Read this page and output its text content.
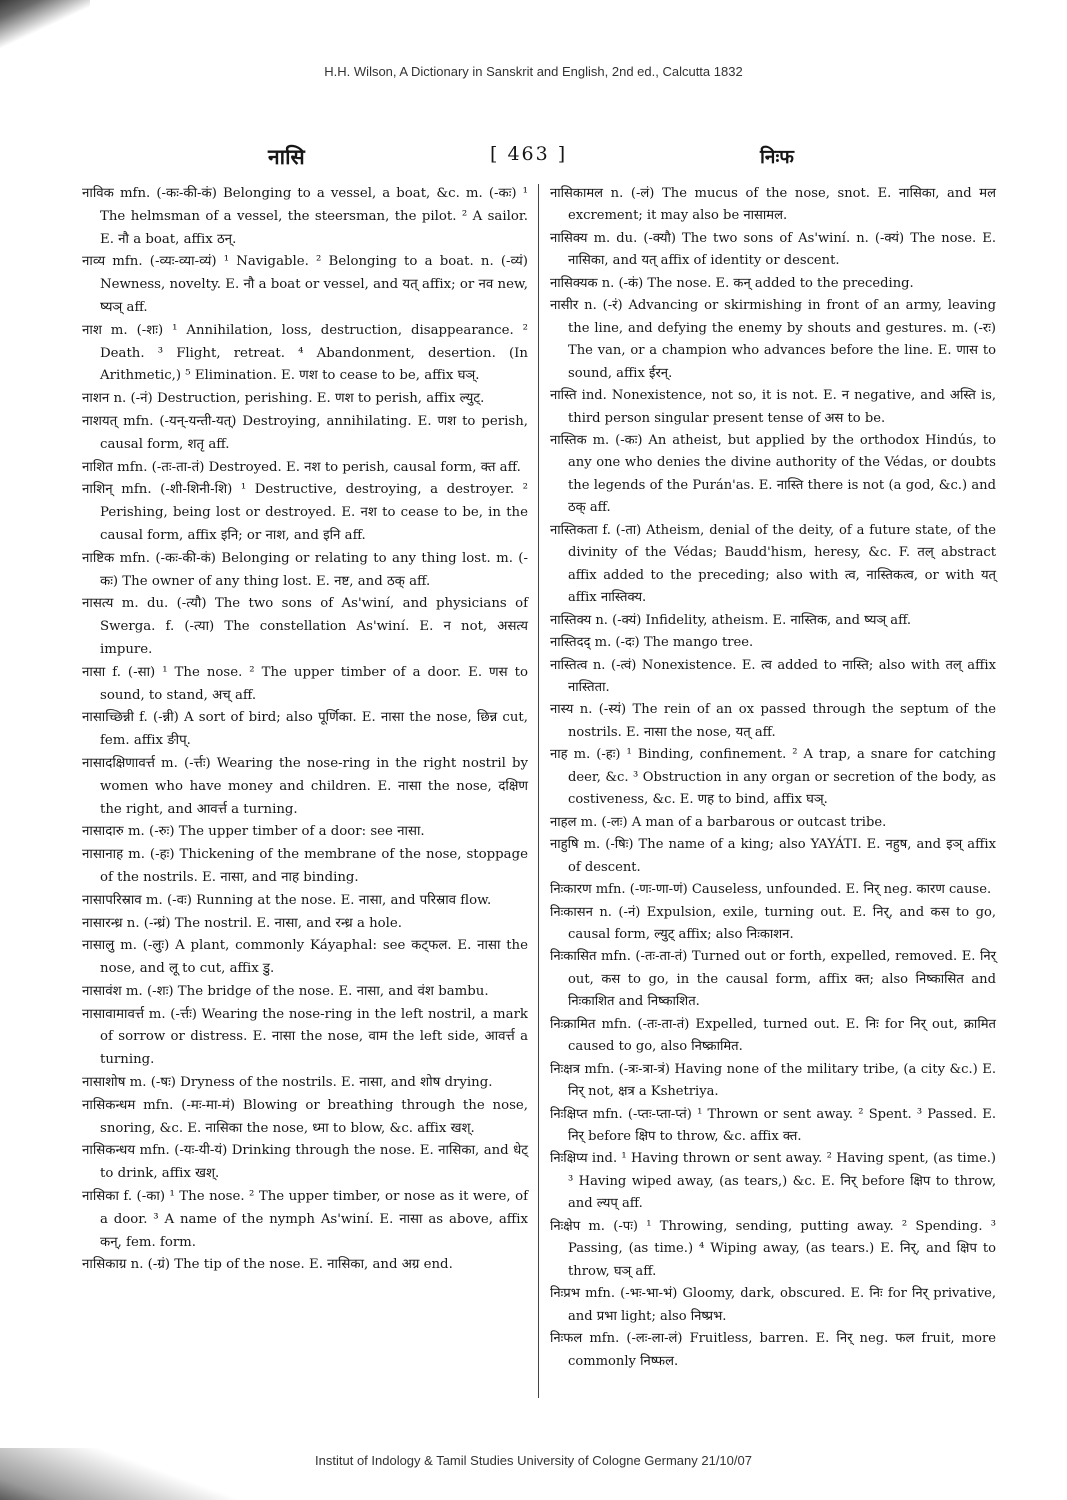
H.H. Wilson, A Dictionary in Sanskrit and English, 2nd ed., Calcutta 1832
नासि	[ 463 ]	निःफ

नाविक mfn. (-कः-की-कं) Belonging to a vessel, a boat, &c. m. (-कः) ¹ The helmsman of a vessel, the steersman, the pilot. ² A sailor. E. नौ a boat, affix ठन्.

नाव्य mfn. (-व्यः-व्या-व्यं) ¹ Navigable. ² Belonging to a boat. n. (-व्यं) Newness, novelty. E. नौ a boat or vessel, and यत् affix; or नव new, ष्यञ् aff.

नाश m. (-शः) ¹ Annihilation, loss, destruction, disappearance. ² Death. ³ Flight, retreat. ⁴ Abandonment, desertion. (In Arithmetic,) ⁵ Elimination. E. णश to cease to be, affix घञ्.

नाशन n. (-नं) Destruction, perishing. E. णश to perish, affix ल्युट्.

नाशयत् mfn. (-यन्-यन्ती-यत्) Destroying, annihilating. E. णश to perish, causal form, शतृ aff.

नाशित mfn. (-तः-ता-तं) Destroyed. E. नश to perish, causal form, क्त aff.

नाशिन् mfn. (-शी-शिनी-शि) ¹ Destructive, destroying, a destroyer. ² Perishing, being lost or destroyed. E. नश to cease to be, in the causal form, affix इनि; or नाश, and इनि aff.

नाष्टिक mfn. (-कः-की-कं) Belonging or relating to any thing lost. m. (-कः) The owner of any thing lost. E. नष्ट, and ठक् aff.

नासत्य m. du. (-त्यौ) The two sons of As'winí, and physicians of Swerga. f. (-त्या) The constellation As'winí. E. न not, असत्य impure.

नासा f. (-सा) ¹ The nose. ² The upper timber of a door. E. णस to sound, to stand, अच् aff.

नासाच्छिन्नी f. (-न्नी) A sort of bird; also पूर्णिका. E. नासा the nose, छिन्न cut, fem. affix ङीप्.

नासादक्षिणावर्त्त m. (-र्त्तः) Wearing the nose-ring in the right nostril by women who have money and children. E. नासा the nose, दक्षिण the right, and आवर्त्त a turning.

नासादारु m. (-रुः) The upper timber of a door: see नासा.

नासानाह m. (-हः) Thickening of the membrane of the nose, stoppage of the nostrils. E. नासा, and नाह binding.

नासापरिस्राव m. (-वः) Running at the nose. E. नासा, and परिस्राव flow.

नासारन्ध्र n. (-न्ध्रं) The nostril. E. नासा, and रन्ध्र a hole.

नासालु m. (-लुः) A plant, commonly Káyaphal: see कट्फल. E. नासा the nose, and लू to cut, affix डु.

नासावंश m. (-शः) The bridge of the nose. E. नासा, and वंश bambu.

नासावामावर्त्त m. (-र्त्तः) Wearing the nose-ring in the left nostril, a mark of sorrow or distress. E. नासा the nose, वाम the left side, आवर्त्त a turning.

नासाशोष m. (-षः) Dryness of the nostrils. E. नासा, and शोष drying.

नासिकन्धम mfn. (-मः-मा-मं) Blowing or breathing through the nose, snoring, &c. E. नासिका the nose, ध्मा to blow, &c. affix खश्.

नासिकन्धय mfn. (-यः-यी-यं) Drinking through the nose. E. नासिका, and धेट् to drink, affix खश्.

नासिका f. (-का) ¹ The nose. ² The upper timber, or nose as it were, of a door. ³ A name of the nymph As'winí. E. नासा as above, affix कन्, fem. form.

नासिकाग्र n. (-ग्रं) The tip of the nose. E. नासिका, and अग्र end.

नासिकामल n. (-लं) The mucus of the nose, snot. E. नासिका, and मल excrement; it may also be नासामल.

नासिक्य m. du. (-क्यौ) The two sons of As'winí. n. (-क्यं) The nose. E. नासिका, and यत् affix of identity or descent.

नासिक्यक n. (-कं) The nose. E. कन् added to the preceding.

नासीर n. (-रं) Advancing or skirmishing in front of an army, leaving the line, and defying the enemy by shouts and gestures. m. (-रः) The van, or a champion who advances before the line. E. णास to sound, affix ईरन्.

नास्ति ind. Nonexistence, not so, it is not. E. न negative, and अस्ति is, third person singular present tense of अस to be.

नास्तिक m. (-कः) An atheist, but applied by the orthodox Hindús, to any one who denies the divine authority of the Védas, or doubts the legends of the Purán'as. E. नास्ति there is not (a god, &c.) and ठक् aff.

नास्तिकता f. (-ता) Atheism, denial of the deity, of a future state, of the divinity of the Védas; Baudd'hism, heresy, &c. F. तल् abstract affix added to the preceding; also with त्व, नास्तिकत्व, or with यत् affix नास्तिक्य.

नास्तिक्य n. (-क्यं) Infidelity, atheism. E. नास्तिक, and ष्यञ् aff.

नास्तिदद् m. (-दः) The mango tree.

नास्तित्व n. (-त्वं) Nonexistence. E. त्व added to नास्ति; also with तल् affix नास्तिता.

नास्य n. (-स्यं) The rein of an ox passed through the septum of the nostrils. E. नासा the nose, यत् aff.

नाह m. (-हः) ¹ Binding, confinement. ² A trap, a snare for catching deer, &c. ³ Obstruction in any organ or secretion of the body, as costiveness, &c. E. णह to bind, affix घञ्.

नाहल m. (-लः) A man of a barbarous or outcast tribe.

नाहुषि m. (-षिः) The name of a king; also YAYÁTI. E. नहुष, and इञ् affix of descent.

निःकारण mfn. (-णः-णा-णं) Causeless, unfounded. E. निर् neg. कारण cause.

निःकासन n. (-नं) Expulsion, exile, turning out. E. निर्, and कस to go, causal form, ल्युट् affix; also निःकाशन.

निःकासित mfn. (-तः-ता-तं) Turned out or forth, expelled, removed. E. निर् out, कस to go, in the causal form, affix क्त; also निष्कासित and निःकाशित and निष्काशित.

निःक्रामित mfn. (-तः-ता-तं) Expelled, turned out. E. निः for निर् out, क्रामित caused to go, also निष्क्रामित.

निःक्षत्र mfn. (-त्रः-त्रा-त्रं) Having none of the military tribe, (a city &c.) E. निर् not, क्षत्र a Kshetriya.

निःक्षिप्त mfn. (-प्तः-प्ता-प्तं) ¹ Thrown or sent away. ² Spent. ³ Passed. E. निर् before क्षिप to throw, &c. affix क्त.

निःक्षिप्य ind. ¹ Having thrown or sent away. ² Having spent, (as time.) ³ Having wiped away, (as tears,) &c. E. निर् before क्षिप to throw, and ल्यप् aff.

निःक्षेप m. (-पः) ¹ Throwing, sending, putting away. ² Spending. ³ Passing, (as time.) ⁴ Wiping away, (as tears.) E. निर्, and क्षिप to throw, घञ् aff.

निःप्रभ mfn. (-भः-भा-भं) Gloomy, dark, obscured. E. निः for निर् privative, and प्रभा light; also निष्प्रभ.

निःफल mfn. (-लः-ला-लं) Fruitless, barren. E. निर् neg. फल fruit, more commonly निष्फल.

Institut of Indology & Tamil Studies University of Cologne Germany 21/10/07
